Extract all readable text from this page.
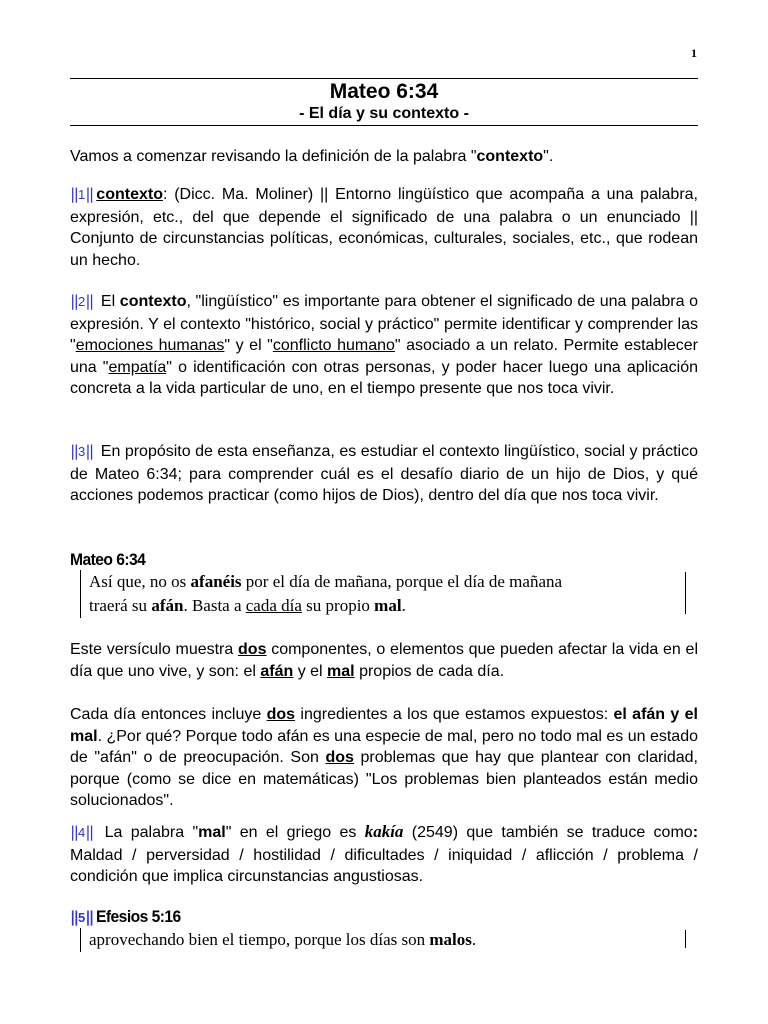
1

Mateo 6:34

- El día y su contexto -

Vamos a comenzar revisando la definición de la palabra "contexto".

‖1‖ contexto: (Dicc. Ma. Moliner) || Entorno lingüístico que acompaña a una palabra, expresión, etc., del que depende el significado de una palabra o un enunciado || Conjunto de circunstancias políticas, económicas, culturales, sociales, etc., que rodean un hecho.

‖2‖ El contexto, "lingüístico" es importante para obtener el significado de una palabra o expresión. Y el contexto "histórico, social y práctico" permite identificar y comprender las "emociones humanas" y el "conflicto humano" asociado a un relato. Permite establecer una "empatía" o identificación con otras personas, y poder hacer luego una aplicación concreta a la vida particular de uno, en el tiempo presente que nos toca vivir.

‖3‖ En propósito de esta enseñanza, es estudiar el contexto lingüístico, social y práctico de Mateo 6:34; para comprender cuál es el desafío diario de un hijo de Dios, y qué acciones podemos practicar (como hijos de Dios), dentro del día que nos toca vivir.

Mateo 6:34
Así que, no os afanéis por el día de mañana, porque el día de mañana
traerá su afán. Basta a cada día su propio mal.

Este versículo muestra dos componentes, o elementos que pueden afectar la vida en el día que uno vive, y son: el afán y el mal propios de cada día.

Cada día entonces incluye dos ingredientes a los que estamos expuestos: el afán y el mal. ¿Por qué? Porque todo afán es una especie de mal, pero no todo mal es un estado de "afán" o de preocupación. Son dos problemas que hay que plantear con claridad, porque (como se dice en matemáticas) "Los problemas bien planteados están medio solucionados".

‖4‖ La palabra "mal" en el griego es kakía (2549) que también se traduce como: Maldad / perversidad / hostilidad / dificultades / iniquidad / aflicción / problema / condición que implica circunstancias angustiosas.

‖5‖ Efesios 5:16
aprovechando bien el tiempo, porque los días son malos.
